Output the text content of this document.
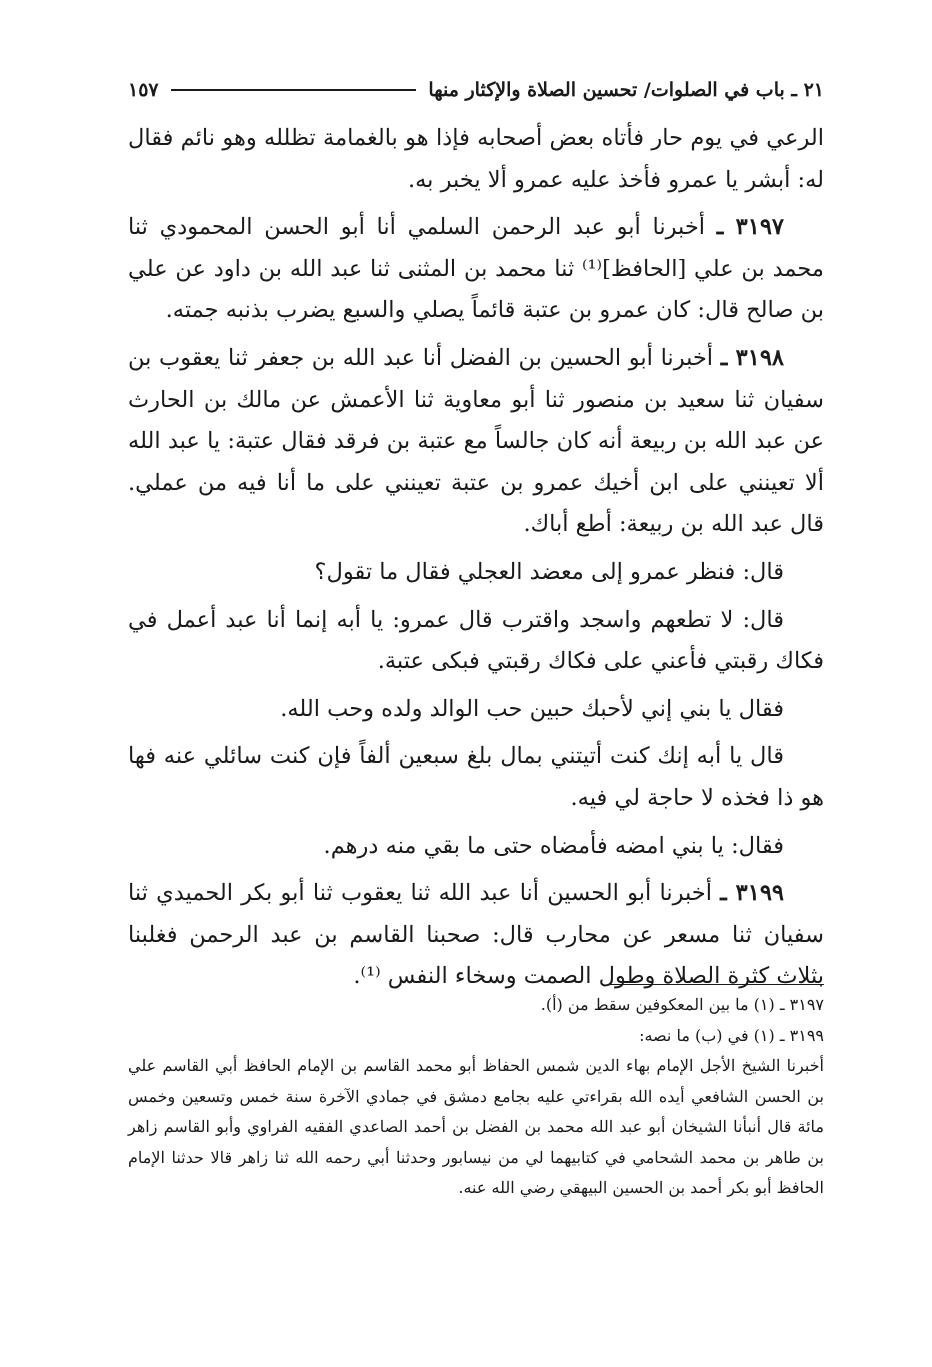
٢١ ـ باب في الصلوات/ تحسين الصلاة والإكثار منها
١٥٧

الرعي في يوم حار فأتاه بعض أصحابه فإذا هو بالغمامة تظلله وهو نائم فقال له: أبشر يا عمرو فأخذ عليه عمرو ألا يخبر به.

٣١٩٧ ـ أخبرنا أبو عبد الرحمن السلمي أنا أبو الحسن المحمودي ثنا محمد بن علي [الحافظ]⁽¹⁾ ثنا محمد بن المثنى ثنا عبد الله بن داود عن علي بن صالح قال: كان عمرو بن عتبة قائماً يصلي والسبع يضرب بذنبه جمته.

٣١٩٨ ـ أخبرنا أبو الحسين بن الفضل أنا عبد الله بن جعفر ثنا يعقوب بن سفيان ثنا سعيد بن منصور ثنا أبو معاوية ثنا الأعمش عن مالك بن الحارث عن عبد الله بن ربيعة أنه كان جالساً مع عتبة بن فرقد فقال عتبة: يا عبد الله ألا تعينني على ابن أخيك عمرو بن عتبة تعينني على ما أنا فيه من عملي. قال عبد الله بن ربيعة: أطع أباك.

قال: فنظر عمرو إلى معضد العجلي فقال ما تقول؟

قال: لا تطعهم واسجد واقترب قال عمرو: يا أبه إنما أنا عبد أعمل في فكاك رقبتي فأعني على فكاك رقبتي فبكى عتبة.

فقال يا بني إني لأحبك حبين حب الوالد ولده وحب الله.

قال يا أبه إنك كنت أتيتني بمال بلغ سبعين ألفاً فإن كنت سائلي عنه فها هو ذا فخذه لا حاجة لي فيه.

فقال: يا بني امضه فأمضاه حتى ما بقي منه درهم.

٣١٩٩ ـ أخبرنا أبو الحسين أنا عبد الله ثنا يعقوب ثنا أبو بكر الحميدي ثنا سفيان ثنا مسعر عن محارب قال: صحبنا القاسم بن عبد الرحمن فغلبنا بثلاث كثرة الصلاة وطول الصمت وسخاء النفس ⁽¹⁾.

٣١٩٧ ـ (١) ما بين المعكوفين سقط من (أ).

٣١٩٩ ـ (١) في (ب) ما نصه:

أخبرنا الشيخ الأجل الإمام بهاء الدين شمس الحفاظ أبو محمد القاسم بن الإمام الحافظ أبي القاسم علي بن الحسن الشافعي أيده الله بقراءتي عليه بجامع دمشق في جمادي الآخرة سنة خمس وتسعين وخمس مائة قال أنبأنا الشيخان أبو عبد الله محمد بن الفضل بن أحمد الصاعدي الفقيه الفراوي وأبو القاسم زاهر بن طاهر بن محمد الشحامي في كتابيهما لي من نيسابور وحدثنا أبي رحمه الله ثنا زاهر قالا حدثنا الإمام الحافظ أبو بكر أحمد بن الحسين البيهقي رضي الله عنه.
